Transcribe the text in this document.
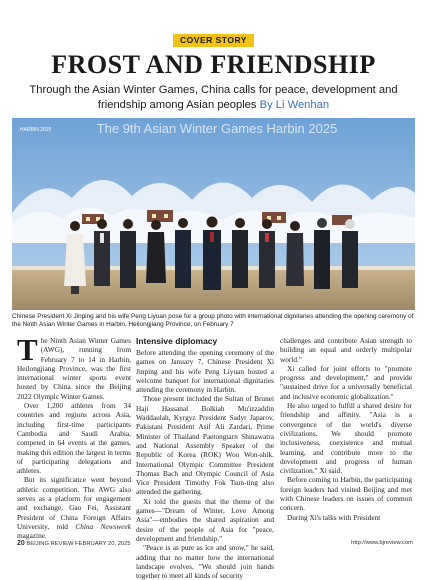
COVER STORY
FROST AND FRIENDSHIP
Through the Asian Winter Games, China calls for peace, development and friendship among Asian peoples By Li Wenhan
HARBIN 2025	The 9th Asian Winter Games Harbin 2025
Chinese President Xi Jinping and his wife Peng Liyuan pose for a group photo with international dignitaries attending the opening ceremony of the Ninth Asian Winter Games in Harbin, Heilongjiang Province, on February 7

The Ninth Asian Winter Games (AWG), running from February 7 to 14 in Harbin, Heilongjiang Province, was the first international winter sports event hosted by China since the Beijing 2022 Olympic Winter Games.

Over 1,200 athletes from 34 countries and regions across Asia, including first-time participants Cambodia and Saudi Arabia, competed in 64 events at the games, making this edition the largest in terms of participating delegations and athletes.

But its significance went beyond athletic competition. The AWG also serves as a platform for engagement and exchange, Gao Fei, Assistant President of China Foreign Affairs University, told China Newsweek magazine.

Intensive diplomacy

Before attending the opening ceremony of the games on January 7, Chinese President Xi Jinping and his wife Peng Liyuan hosted a welcome banquet for international dignitaries attending the ceremony in Harbin.

Those present included the Sultan of Brunei Haji Hassanal Bolkiah Mu'izzaddin Waddaulah, Kyrgyz President Sadyr Japarov, Pakistani President Asif Ali Zardari, Prime Minister of Thailand Paetongtarn Shinawatra and National Assembly Speaker of the Republic of Korea (ROK) Woo Won-shik. International Olympic Committee President Thomas Bach and Olympic Council of Asia Vice President Timothy Fok Tsun-ting also attended the gathering.

Xi told the guests that the theme of the games—"Dream of Winter, Love Among Asia"—embodies the shared aspiration and desire of the people of Asia for "peace, development and friendship."

"Peace is as pure as ice and snow," he said, adding that no matter how the international landscape evolves, "We should join hands together to meet all kinds of security

challenges and contribute Asian strength to building an equal and orderly multipolar world."

Xi called for joint efforts to "promote progress and development," and provide "sustained drive for a universally beneficial and inclusive economic globalization."

He also urged to fulfill a shared desire for friendship and affinity. "Asia is a convergence of the world's diverse civilizations. We should promote inclusiveness, coexistence and mutual learning, and contribute more to the development and progress of human civilization." Xi said.

Before coming to Harbin, the participating foreign leaders had visited Beijing and met with Chinese leaders on issues of common concern.

During Xi's talks with President

20 BEIJING REVIEW FEBRUARY 20, 2025	http://www.bjreview.com
